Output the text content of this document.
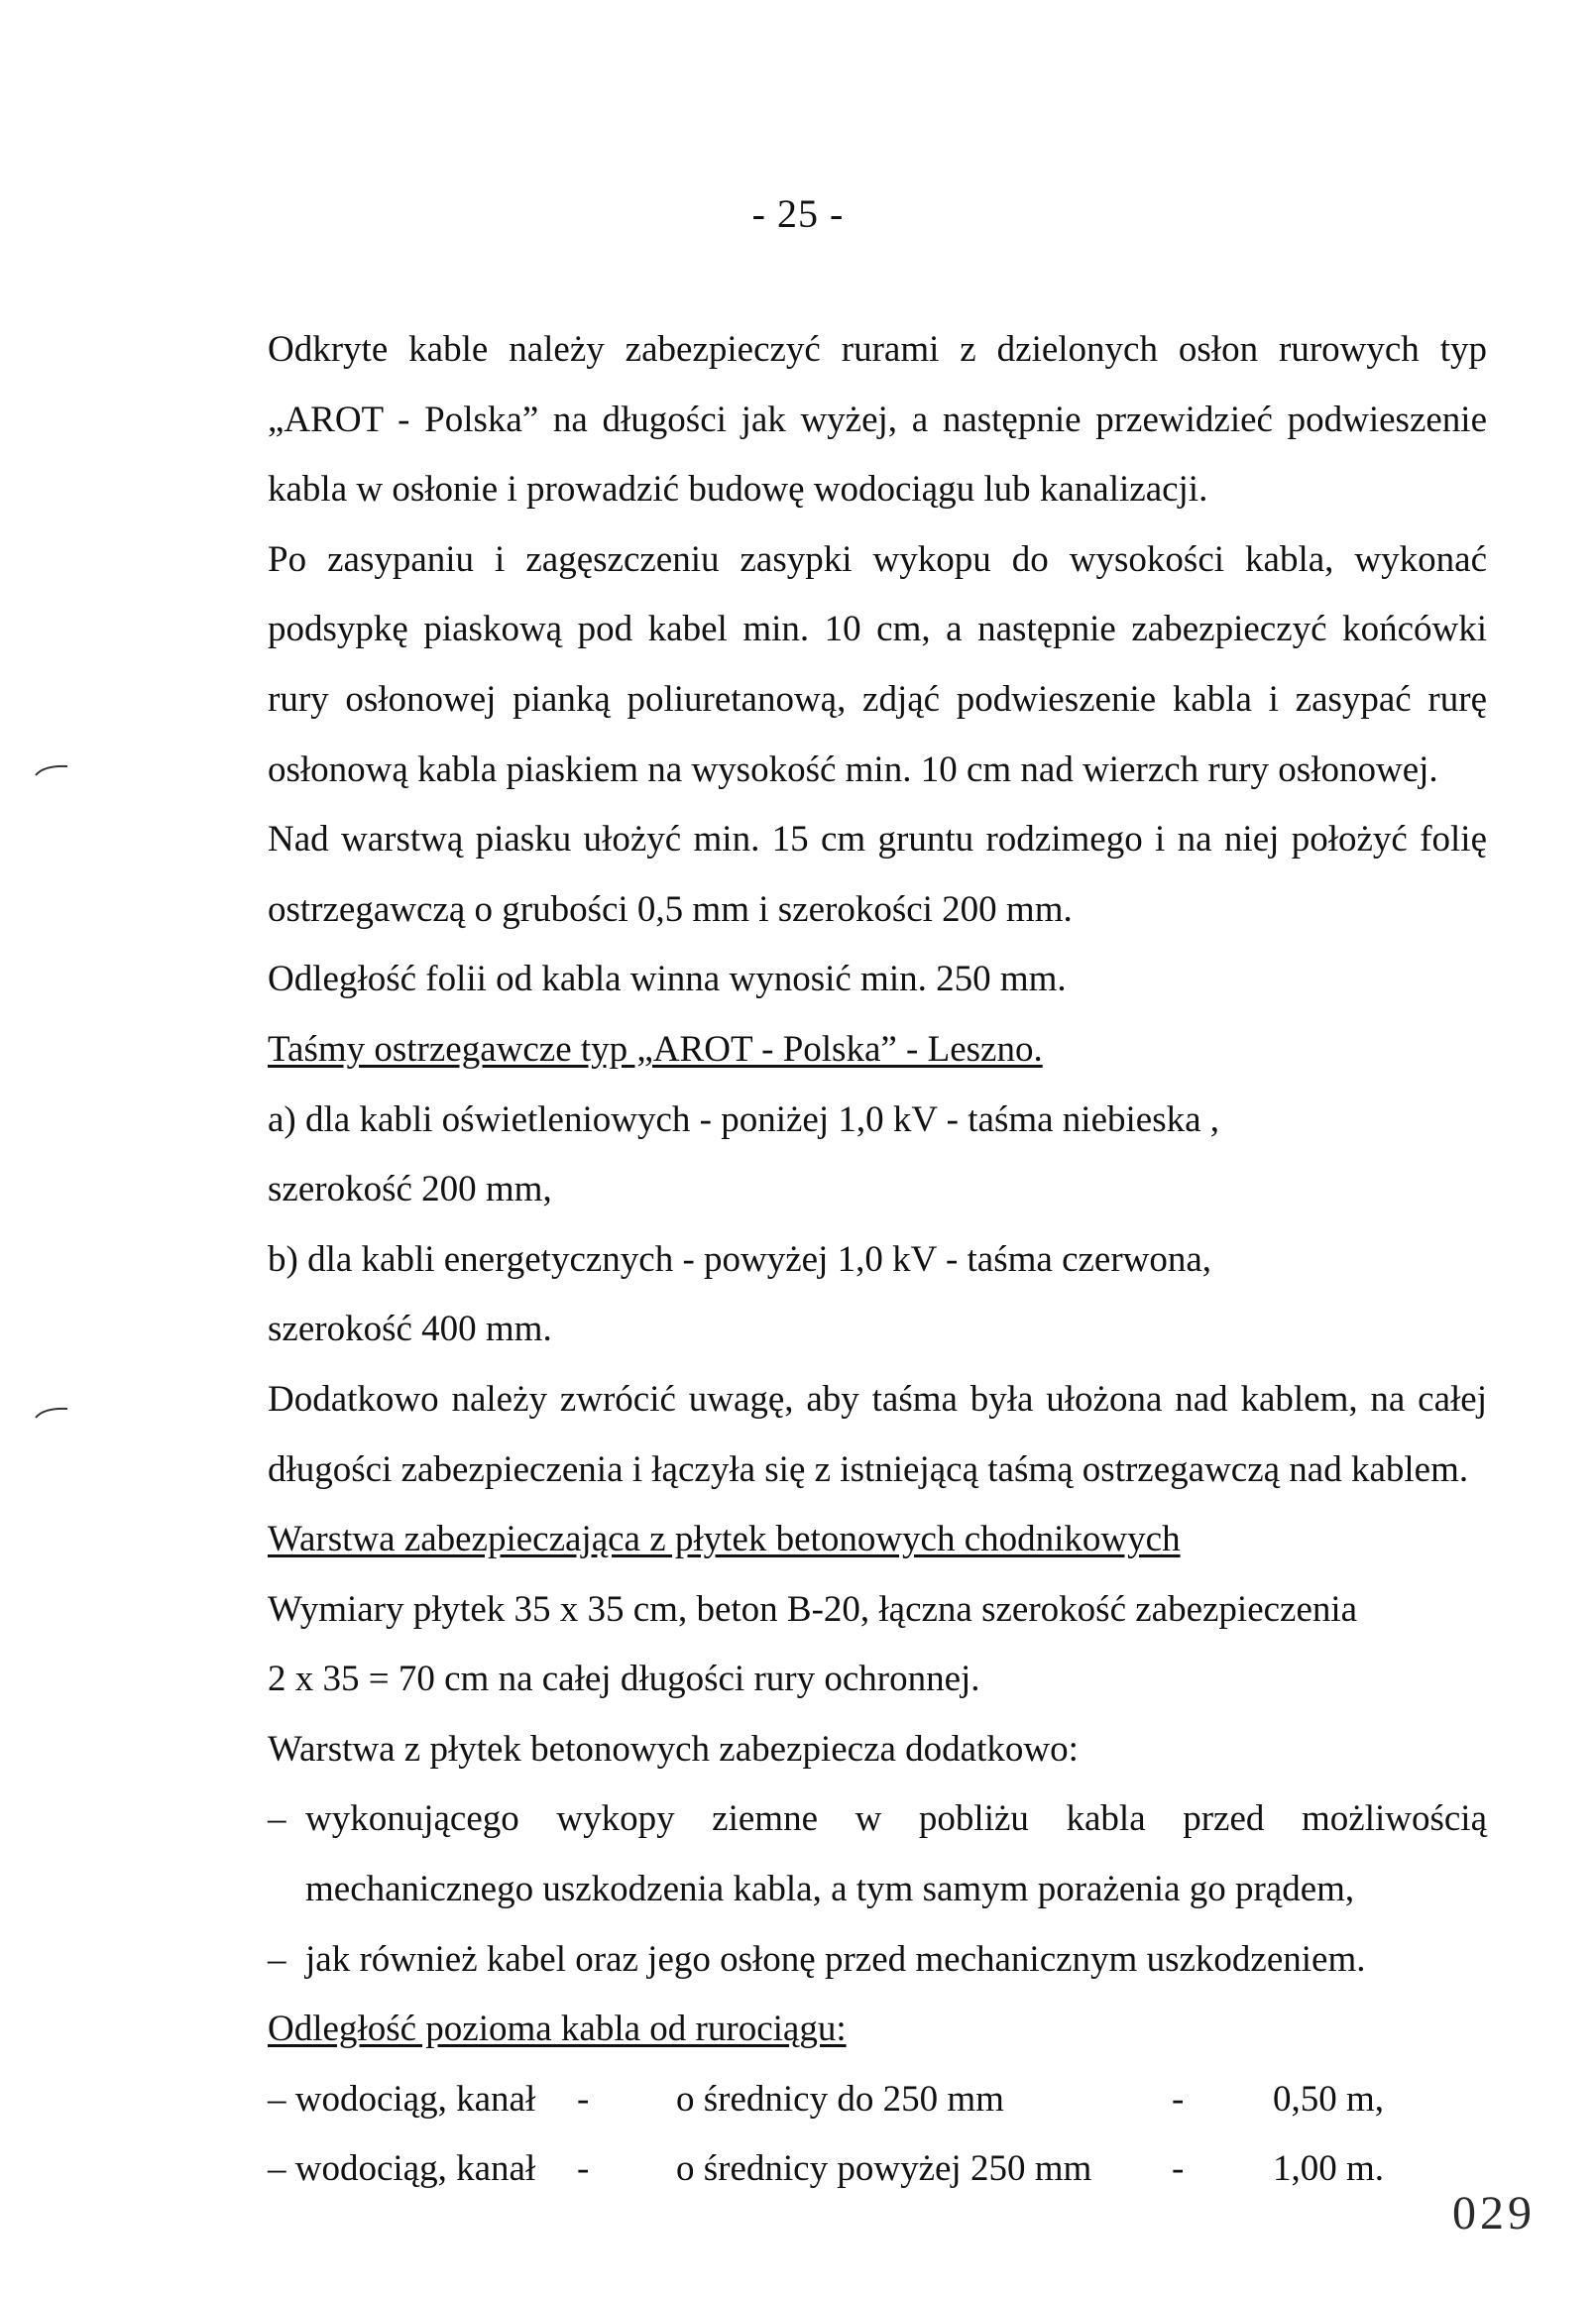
- 25 -
Odkryte kable należy zabezpieczyć rurami z dzielonych osłon rurowych typ
„AROT - Polska” na długości jak wyżej, a następnie przewidzieć podwieszenie
kabla w osłonie i prowadzić budowę wodociągu lub kanalizacji.
Po zasypaniu i zagęszczeniu zasypki wykopu do wysokości kabla, wykonać
podsypkę piaskową pod kabel min. 10 cm, a następnie zabezpieczyć końcówki
rury osłonowej pianką poliuretanową, zdjąć podwieszenie kabla i zasypać rurę
osłonową kabla piaskiem na wysokość min. 10 cm nad wierzch rury osłonowej.
Nad warstwą piasku ułożyć min. 15 cm gruntu rodzimego i na niej położyć folię
ostrzegawczą o grubości 0,5 mm i szerokości 200 mm.
Odległość folii od kabla winna wynosić min. 250 mm.
Taśmy ostrzegawcze typ „AROT - Polska” - Leszno.
a) dla kabli oświetleniowych - poniżej 1,0 kV - taśma niebieska ,
szerokość 200 mm,
b) dla kabli energetycznych - powyżej 1,0 kV - taśma czerwona,
szerokość 400 mm.
Dodatkowo należy zwrócić uwagę, aby taśma była ułożona nad kablem, na całej
długości zabezpieczenia i łączyła się z istniejącą taśmą ostrzegawczą nad kablem.
Warstwa zabezpieczająca z płytek betonowych chodnikowych
Wymiary płytek 35 x 35 cm, beton B-20, łączna szerokość zabezpieczenia
2 x 35 = 70 cm na całej długości rury ochronnej.
Warstwa z płytek betonowych zabezpiecza dodatkowo:
– wykonującego wykopy ziemne w pobliżu kabla przed możliwością
mechanicznego uszkodzenia kabla, a tym samym porażenia go prądem,
– jak również kabel oraz jego osłonę przed mechanicznym uszkodzeniem.
Odległość pozioma kabla od rurociągu:
– wodociąg, kanał	-	o średnicy do 250 mm	-	0,50 m,
– wodociąg, kanał	-	o średnicy powyżej 250 mm	-	1,00 m.
029
